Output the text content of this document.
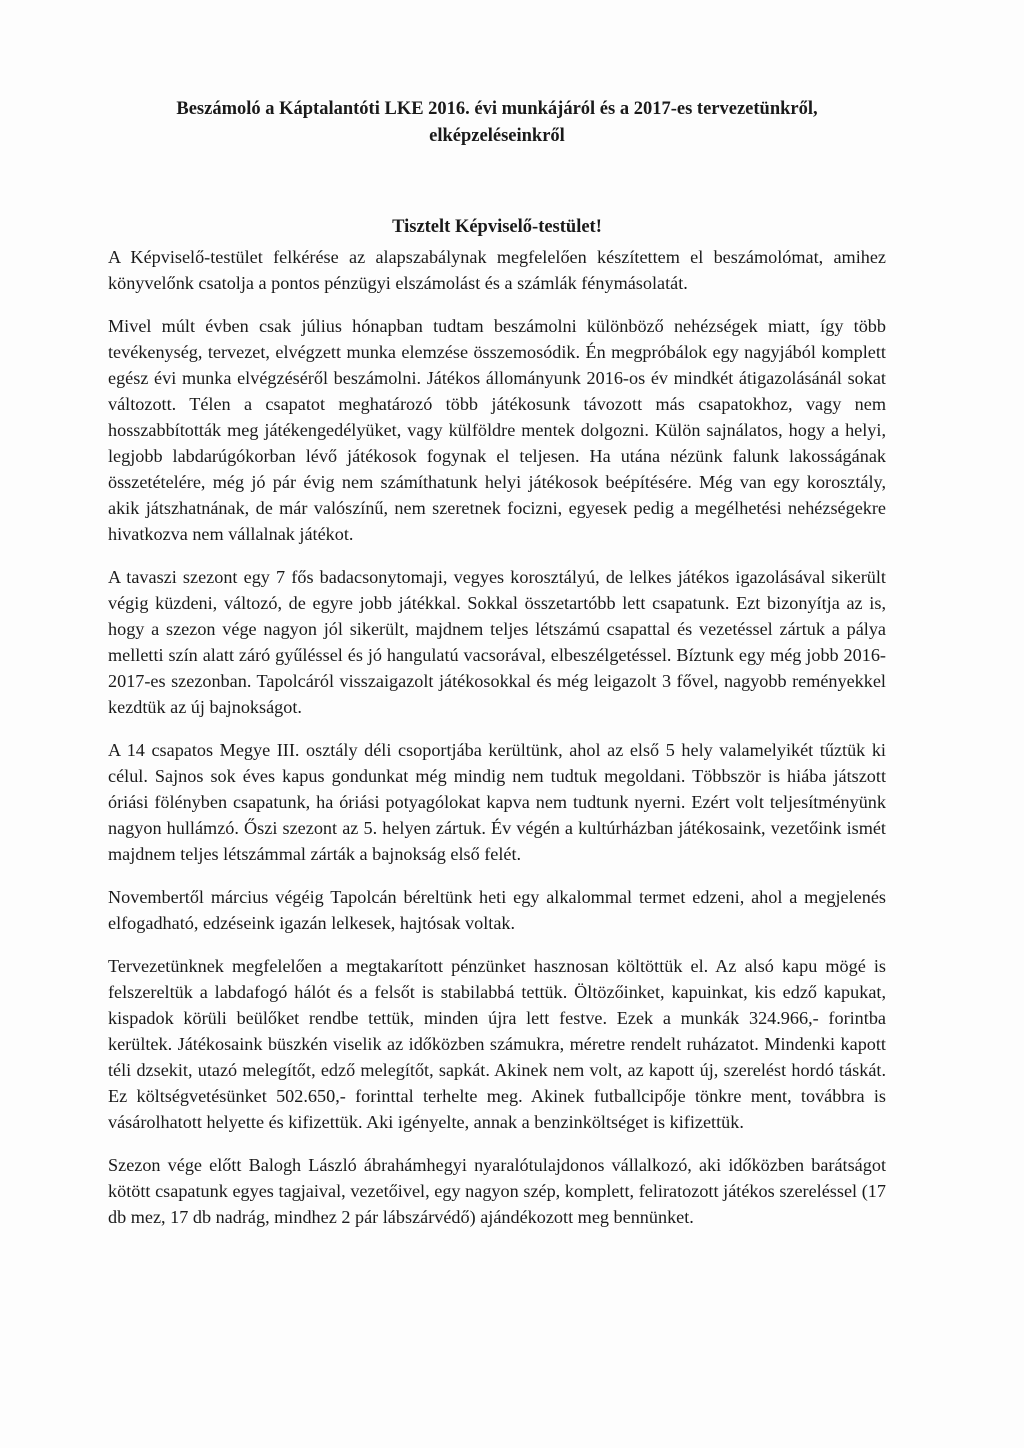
Beszámoló a Káptalantóti LKE 2016. évi munkájáról és a 2017-es tervezetünkről, elképzeléseinkről

Tisztelt Képviselő-testület!

A Képviselő-testület felkérése az alapszabálynak megfelelően készítettem el beszámolómat, amihez könyvelőnk csatolja a pontos pénzügyi elszámolást és a számlák fénymásolatát.

Mivel múlt évben csak július hónapban tudtam beszámolni különböző nehézségek miatt, így több tevékenység, tervezet, elvégzett munka elemzése összemosódik. Én megpróbálok egy nagyjából komplett egész évi munka elvégzéséről beszámolni. Játékos állományunk 2016-os év mindkét átigazolásánál sokat változott. Télen a csapatot meghatározó több játékosunk távozott más csapatokhoz, vagy nem hosszabbították meg játékengedélyüket, vagy külföldre mentek dolgozni. Külön sajnálatos, hogy a helyi, legjobb labdarúgókorban lévő játékosok fogynak el teljesen. Ha utána nézünk falunk lakosságának összetételére, még jó pár évig nem számíthatunk helyi játékosok beépítésére. Még van egy korosztály, akik játszhatnának, de már valószínű, nem szeretnek focizni, egyesek pedig a megélhetési nehézségekre hivatkozva nem vállalnak játékot.

A tavaszi szezont egy 7 fős badacsonytomaji, vegyes korosztályú, de lelkes játékos igazolásával sikerült végig küzdeni, változó, de egyre jobb játékkal. Sokkal összetartóbb lett csapatunk. Ezt bizonyítja az is, hogy a szezon vége nagyon jól sikerült, majdnem teljes létszámú csapattal és vezetéssel zártuk a pálya melletti szín alatt záró gyűléssel és jó hangulatú vacsorával, elbeszélgetéssel. Bíztunk egy még jobb 2016-2017-es szezonban. Tapolcáról visszaigazolt játékosokkal és még leigazolt 3 fővel, nagyobb reményekkel kezdtük az új bajnokságot.

A 14 csapatos Megye III. osztály déli csoportjába kerültünk, ahol az első 5 hely valamelyikét tűztük ki célul. Sajnos sok éves kapus gondunkat még mindig nem tudtuk megoldani. Többször is hiába játszott óriási fölényben csapatunk, ha óriási potyagólokat kapva nem tudtunk nyerni. Ezért volt teljesítményünk nagyon hullámzó. Őszi szezont az 5. helyen zártuk. Év végén a kultúrházban játékosaink, vezetőink ismét majdnem teljes létszámmal zárták a bajnokság első felét.

Novembertől március végéig Tapolcán béreltünk heti egy alkalommal termet edzeni, ahol a megjelenés elfogadható, edzéseink igazán lelkesek, hajtósak voltak.

Tervezetünknek megfelelően a megtakarított pénzünket hasznosan költöttük el. Az alsó kapu mögé is felszereltük a labdafogó hálót és a felsőt is stabilabbá tettük. Öltözőinket, kapuinkat, kis edző kapukat, kispadok körüli beülőket rendbe tettük, minden újra lett festve. Ezek a munkák 324.966,- forintba kerültek. Játékosaink büszkén viselik az időközben számukra, méretre rendelt ruházatot. Mindenki kapott téli dzsekit, utazó melegítőt, edző melegítőt, sapkát. Akinek nem volt, az kapott új, szerelést hordó táskát. Ez költségvetésünket 502.650,- forinttal terhelte meg. Akinek futballcipője tönkre ment, továbbra is vásárolhatott helyette és kifizettük. Aki igényelte, annak a benzinköltséget is kifizettük.

Szezon vége előtt Balogh László ábrahámhegyi nyaralótulajdonos vállalkozó, aki időközben barátságot kötött csapatunk egyes tagjaival, vezetőivel, egy nagyon szép, komplett, feliratozott játékos szereléssel (17 db mez, 17 db nadrág, mindhez 2 pár lábszárvédő) ajándékozott meg bennünket.
